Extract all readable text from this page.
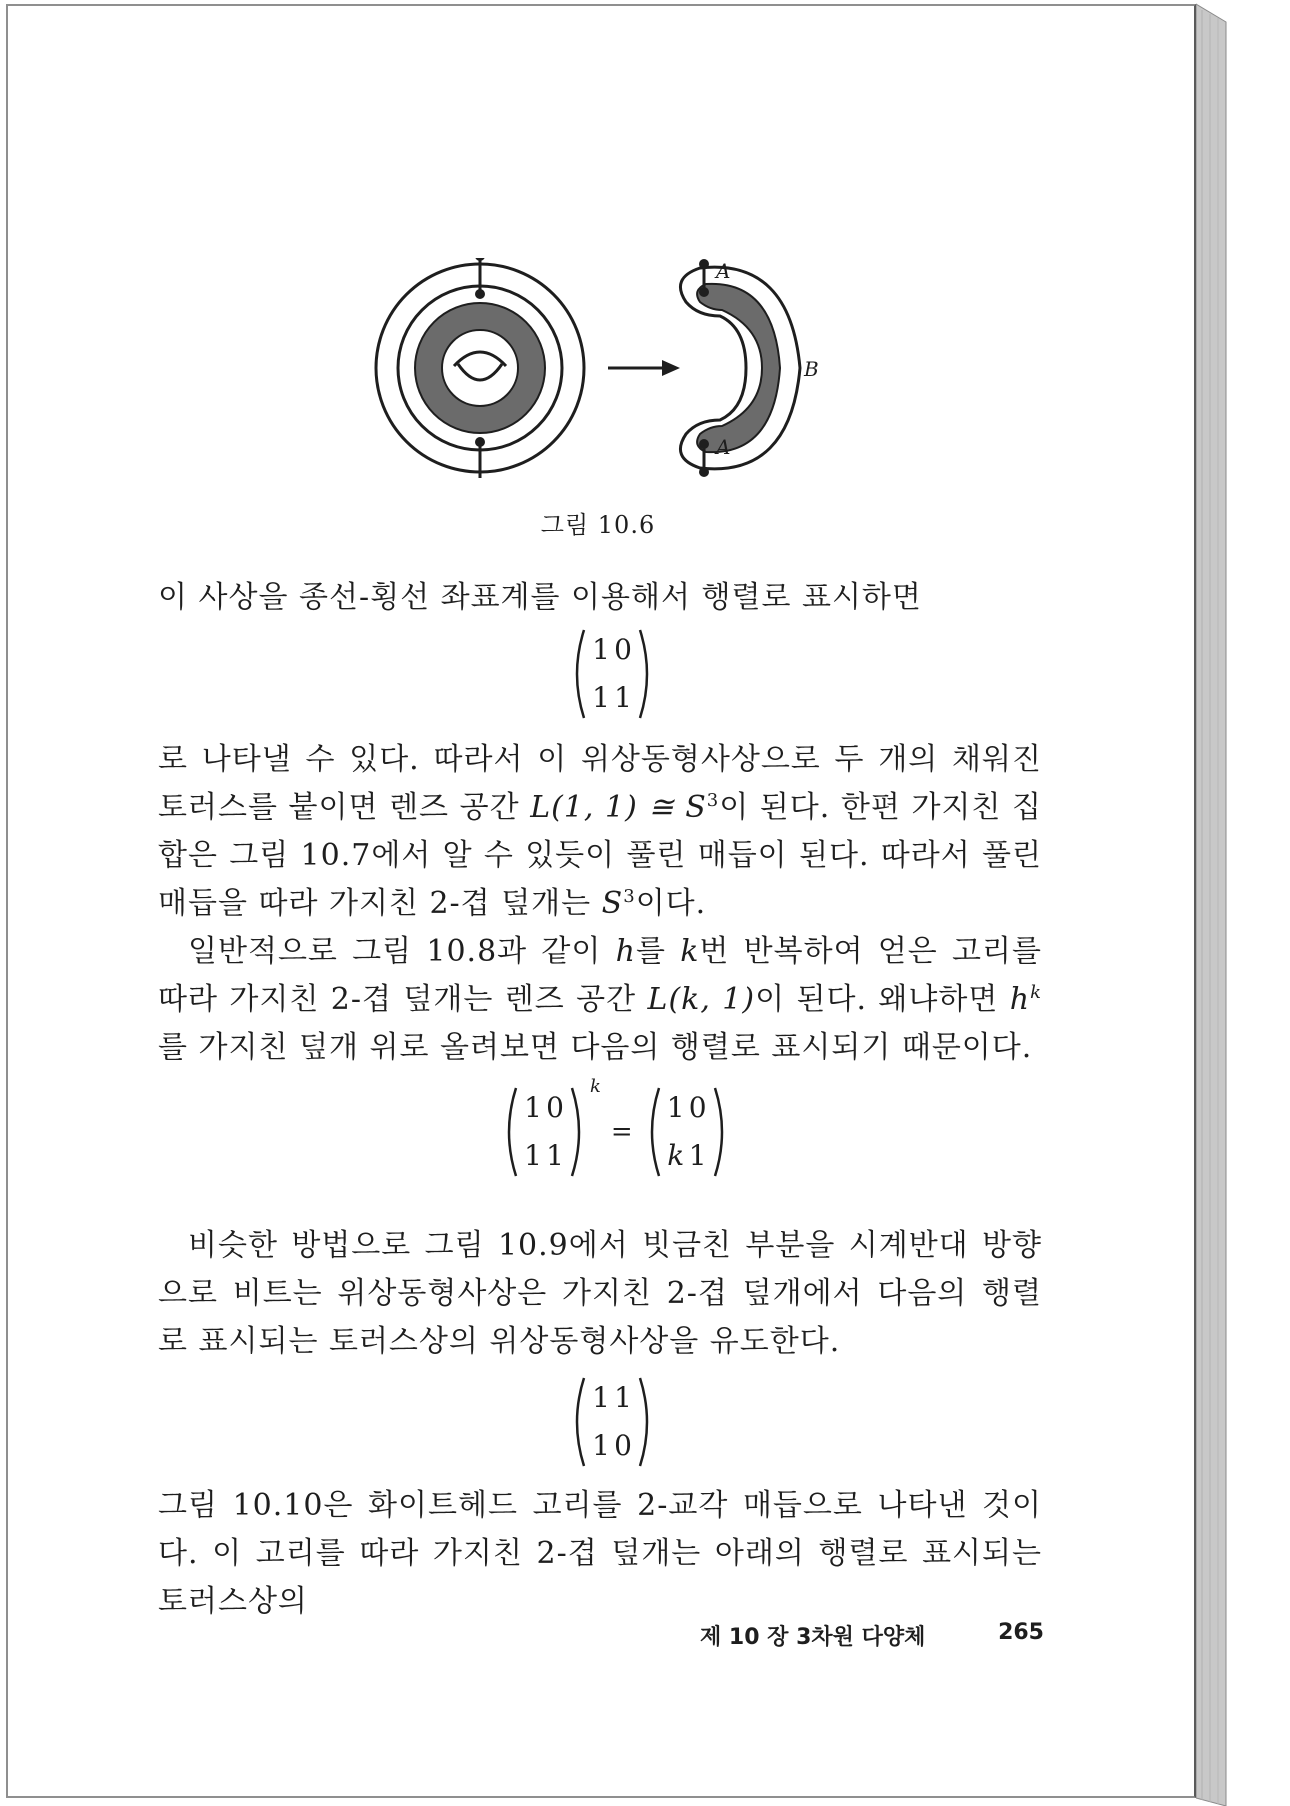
A
B
A
그림 10.6

이 사상을 종선-횡선 좌표계를 이용해서 행렬로 표시하면

1 0
1 1

로 나타낼 수 있다. 따라서 이 위상동형사상으로 두 개의 채워진 토러스를 붙이면 렌즈 공간 L(1, 1) ≅ $S^3$이 된다. 한편 가지친 집합은 그림 10.7에서 알 수 있듯이 풀린 매듭이 된다. 따라서 풀린 매듭을 따라 가지친 2-겹 덮개는 $S^3$이다.

일반적으로 그림 10.8과 같이 h를 k번 반복하여 얻은 고리를 따라 가지친 2-겹 덮개는 렌즈 공간 L(k, 1)이 된다. 왜냐하면 $h^k$를 가지친 덮개 위로 올려보면 다음의 행렬로 표시되기 때문이다.

1 0
1 1
k
=
1 0
k 1

비슷한 방법으로 그림 10.9에서 빗금친 부분을 시계반대 방향으로 비트는 위상동형사상은 가지친 2-겹 덮개에서 다음의 행렬로 표시되는 토러스상의 위상동형사상을 유도한다.

1 1
1 0

그림 10.10은 화이트헤드 고리를 2-교각 매듭으로 나타낸 것이다. 이 고리를 따라 가지친 2-겹 덮개는 아래의 행렬로 표시되는 토러스상의

제 10 장 3차원 다양체	265
